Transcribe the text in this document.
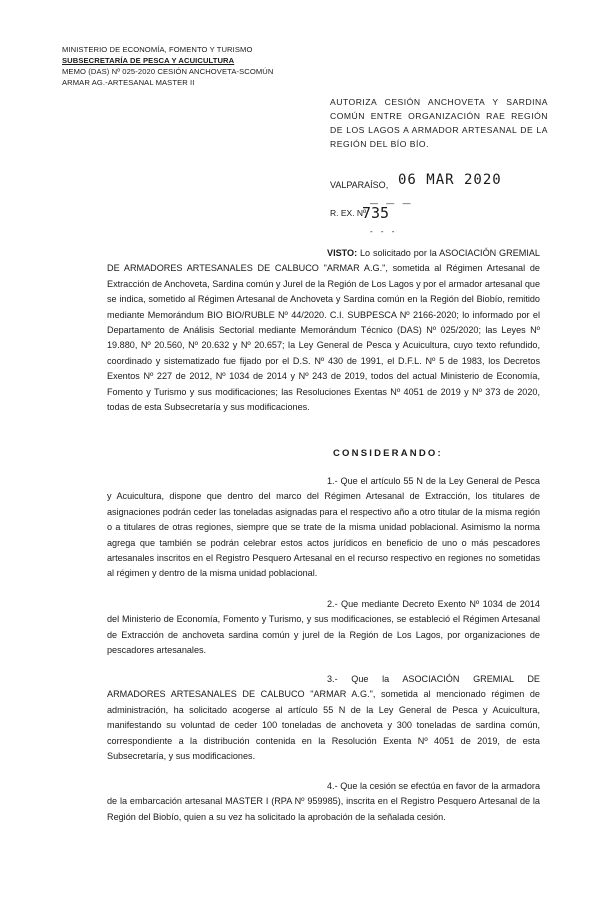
MINISTERIO DE ECONOMÍA, FOMENTO Y TURISMO
SUBSECRETARÍA DE PESCA Y ACUICULTURA
MEMO (DAS) Nº 025-2020 CESIÓN ANCHOVETA-SCOMÚN
ARMAR AG.-ARTESANAL MASTER II
AUTORIZA CESIÓN ANCHOVETA Y SARDINA COMÚN ENTRE ORGANIZACIÓN RAE REGIÓN DE LOS LAGOS A ARMADOR ARTESANAL DE LA REGIÓN DEL BÍO BÍO.
VALPARAÍSO, 06 MAR 2020
— — —
R. EX. Nº
735
- - -
VISTO: Lo solicitado por la ASOCIACIÓN GREMIAL DE ARMADORES ARTESANALES DE CALBUCO "ARMAR A.G.", sometida al Régimen Artesanal de Extracción de Anchoveta, Sardina común y Jurel de la Región de Los Lagos y por el armador artesanal que se indica, sometido al Régimen Artesanal de Anchoveta y Sardina común en la Región del Biobío, remitido mediante Memorándum BIO BIO/RUBLE Nº 44/2020. C.I. SUBPESCA Nº 2166-2020; lo informado por el Departamento de Análisis Sectorial mediante Memorándum Técnico (DAS) Nº 025/2020; las Leyes Nº 19.880, Nº 20.560, Nº 20.632 y Nº 20.657; la Ley General de Pesca y Acuicultura, cuyo texto refundido, coordinado y sistematizado fue fijado por el D.S. Nº 430 de 1991, el D.F.L. Nº 5 de 1983, los Decretos Exentos Nº 227 de 2012, Nº 1034 de 2014 y Nº 243 de 2019, todos del actual Ministerio de Economía, Fomento y Turismo y sus modificaciones; las Resoluciones Exentas Nº 4051 de 2019 y Nº 373 de 2020, todas de esta Subsecretaría y sus modificaciones.
CONSIDERANDO:
1.- Que el artículo 55 N de la Ley General de Pesca y Acuicultura, dispone que dentro del marco del Régimen Artesanal de Extracción, los titulares de asignaciones podrán ceder las toneladas asignadas para el respectivo año a otro titular de la misma región o a titulares de otras regiones, siempre que se trate de la misma unidad poblacional. Asimismo la norma agrega que también se podrán celebrar estos actos jurídicos en beneficio de uno o más pescadores artesanales inscritos en el Registro Pesquero Artesanal en el recurso respectivo en regiones no sometidas al régimen y dentro de la misma unidad poblacional.
2.- Que mediante Decreto Exento Nº 1034 de 2014 del Ministerio de Economía, Fomento y Turismo, y sus modificaciones, se estableció el Régimen Artesanal de Extracción de anchoveta sardina común y jurel de la Región de Los Lagos, por organizaciones de pescadores artesanales.
3.- Que la ASOCIACIÓN GREMIAL DE ARMADORES ARTESANALES DE CALBUCO "ARMAR A.G.", sometida al mencionado régimen de administración, ha solicitado acogerse al artículo 55 N de la Ley General de Pesca y Acuicultura, manifestando su voluntad de ceder 100 toneladas de anchoveta y 300 toneladas de sardina común, correspondiente a la distribución contenida en la Resolución Exenta Nº 4051 de 2019, de esta Subsecretaría, y sus modificaciones.
4.- Que la cesión se efectúa en favor de la armadora de la embarcación artesanal MASTER I (RPA Nº 959985), inscrita en el Registro Pesquero Artesanal de la Región del Biobío, quien a su vez ha solicitado la aprobación de la señalada cesión.
